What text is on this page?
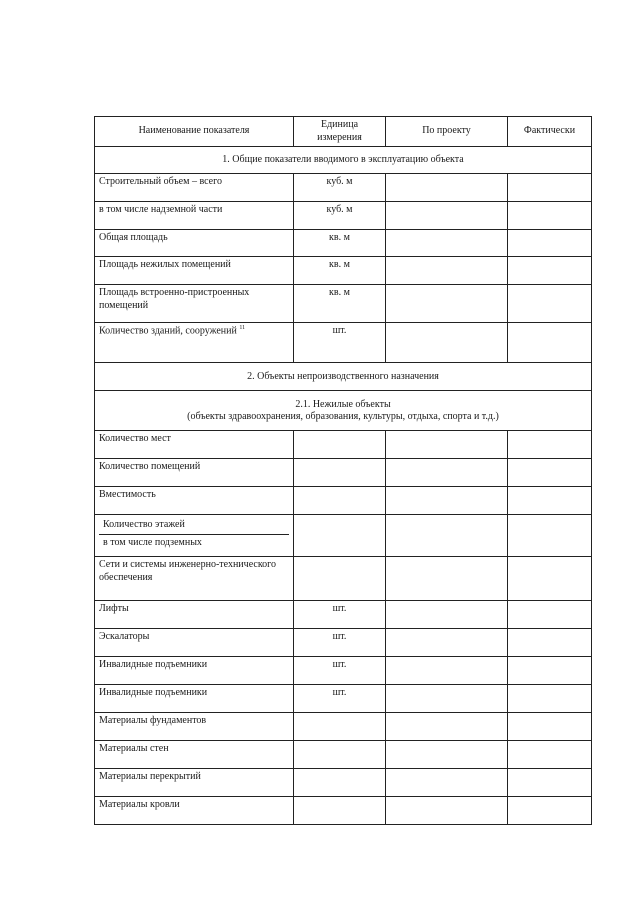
Наименование показателя	Единица измерения	По проекту	Фактически
1. Общие показатели вводимого в эксплуатацию объекта			
Строительный объем – всего	куб. м		
в том числе надземной части	куб. м		
Общая площадь	кв. м		
Площадь нежилых помещений	кв. м		
Площадь встроенно-пристроенных помещений	кв. м		
Количество зданий, сооружений $^{11}$	шт.		
2. Объекты непроизводственного назначения			

2.1. Нежилые объекты
(объекты здравоохранения, образования, культуры, отдыха, спорта и т.д.)			

Количество мест			
Количество помещений			
Вместимость			

Количество этажей
в том числе подземных			

Сети и системы инженерно-технического обеспечения			
Лифты	шт.		
Эскалаторы	шт.		
Инвалидные подъемники	шт.		
Инвалидные подъемники	шт.		
Материалы фундаментов			
Материалы стен			
Материалы перекрытий			
Материалы кровли			
